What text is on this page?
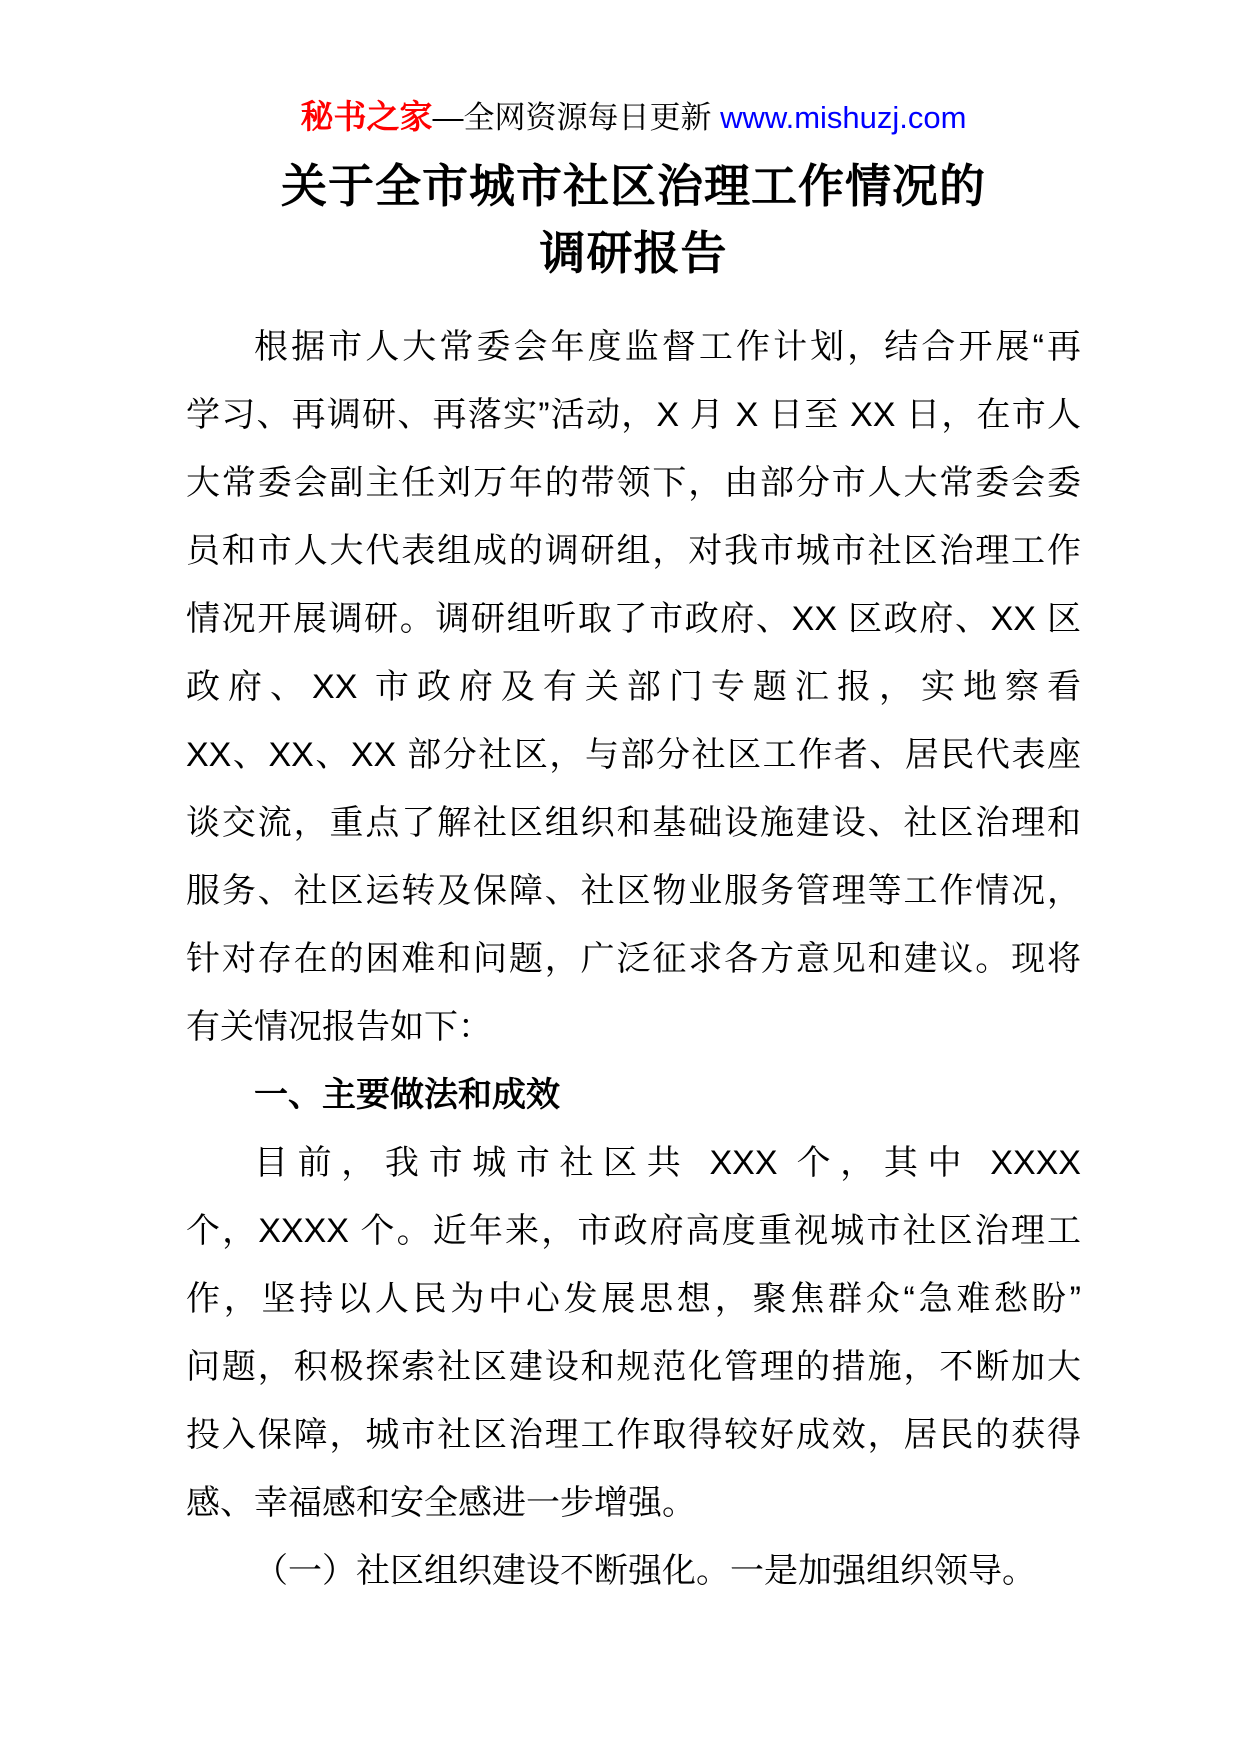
秘书之家—全网资源每日更新 www.mishuzj.com
关于全市城市社区治理工作情况的
调研报告
根据市人大常委会年度监督工作计划，结合开展“再
学习、再调研、再落实”活动，X 月 X 日至 XX 日，在市人
大常委会副主任刘万年的带领下，由部分市人大常委会委
员和市人大代表组成的调研组，对我市城市社区治理工作
情况开展调研。调研组听取了市政府、XX 区政府、XX 区
政府、XX 市政府及有关部门专题汇报，实地察看
XX、XX、XX 部分社区，与部分社区工作者、居民代表座
谈交流，重点了解社区组织和基础设施建设、社区治理和
服务、社区运转及保障、社区物业服务管理等工作情况，
针对存在的困难和问题，广泛征求各方意见和建议。现将
有关情况报告如下：
一、主要做法和成效
目前，我市城市社区共 XXX 个，其中 XXXX
个，XXXX 个。近年来，市政府高度重视城市社区治理工
作，坚持以人民为中心发展思想，聚焦群众“急难愁盼”
问题，积极探索社区建设和规范化管理的措施，不断加大
投入保障，城市社区治理工作取得较好成效，居民的获得
感、幸福感和安全感进一步增强。
（一）社区组织建设不断强化。一是加强组织领导。
